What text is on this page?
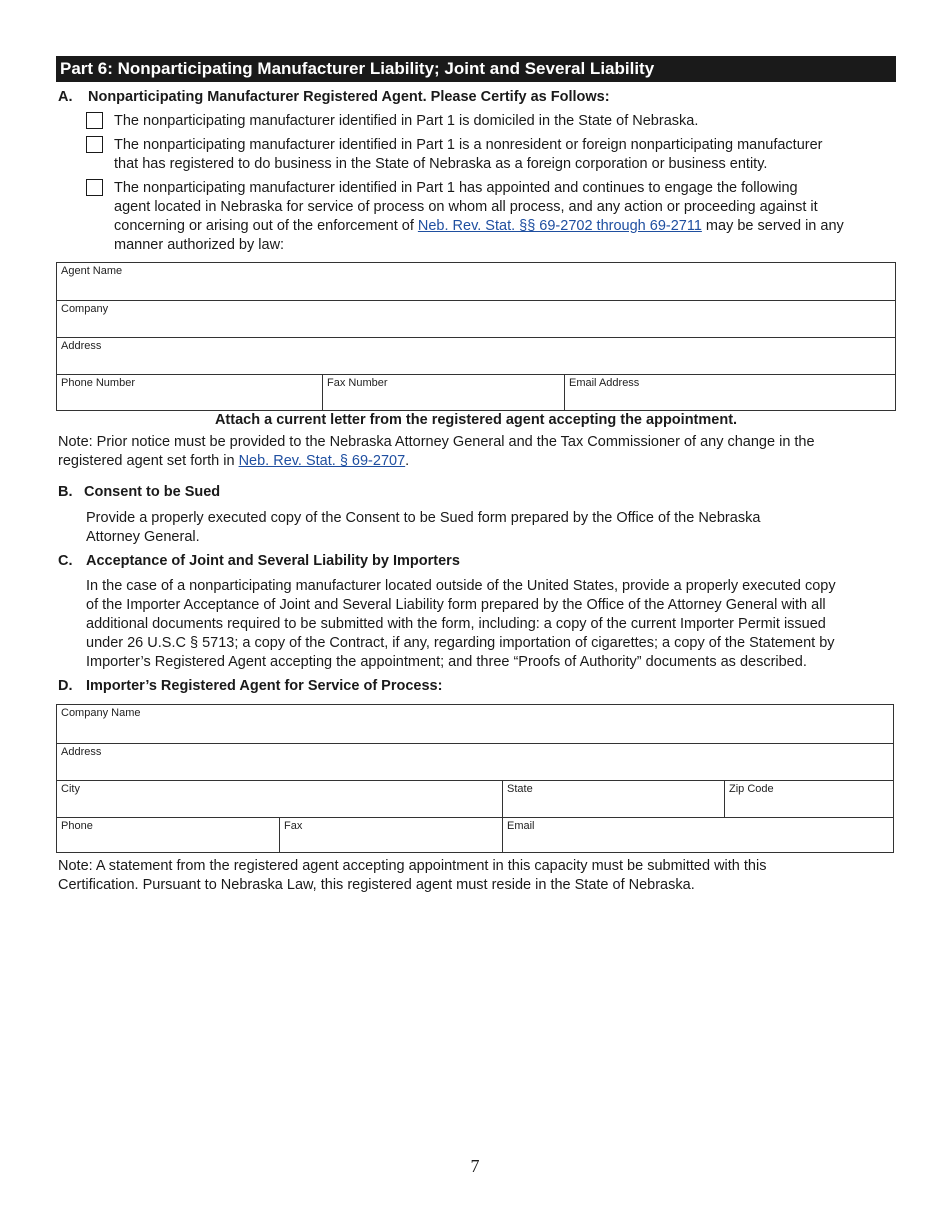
Part 6: Nonparticipating Manufacturer Liability; Joint and Several Liability
A. Nonparticipating Manufacturer Registered Agent. Please Certify as Follows:
The nonparticipating manufacturer identified in Part 1 is domiciled in the State of Nebraska.
The nonparticipating manufacturer identified in Part 1 is a nonresident or foreign nonparticipating manufacturer
that has registered to do business in the State of Nebraska as a foreign corporation or business entity.
The nonparticipating manufacturer identified in Part 1 has appointed and continues to engage the following
agent located in Nebraska for service of process on whom all process, and any action or proceeding against it
concerning or arising out of the enforcement of Neb. Rev. Stat. §§ 69-2702 through 69-2711 may be served in any
manner authorized by law:
Agent Name
Company
Address
Phone Number	Fax Number	Email Address
Attach a current letter from the registered agent accepting the appointment.
Note: Prior notice must be provided to the Nebraska Attorney General and the Tax Commissioner of any change in the
registered agent set forth in Neb. Rev. Stat. § 69-2707.
B. Consent to be Sued
Provide a properly executed copy of the Consent to be Sued form prepared by the Office of the Nebraska
Attorney General.
C. Acceptance of Joint and Several Liability by Importers
In the case of a nonparticipating manufacturer located outside of the United States, provide a properly executed copy
of the Importer Acceptance of Joint and Several Liability form prepared by the Office of the Attorney General with all
additional documents required to be submitted with the form, including: a copy of the current Importer Permit issued
under 26 U.S.C § 5713; a copy of the Contract, if any, regarding importation of cigarettes; a copy of the Statement by
Importer’s Registered Agent accepting the appointment; and three “Proofs of Authority” documents as described.
D. Importer’s Registered Agent for Service of Process:
Company Name
Address
City	State	Zip Code
Phone	Fax	Email
Note: A statement from the registered agent accepting appointment in this capacity must be submitted with this
Certification. Pursuant to Nebraska Law, this registered agent must reside in the State of Nebraska.
7
